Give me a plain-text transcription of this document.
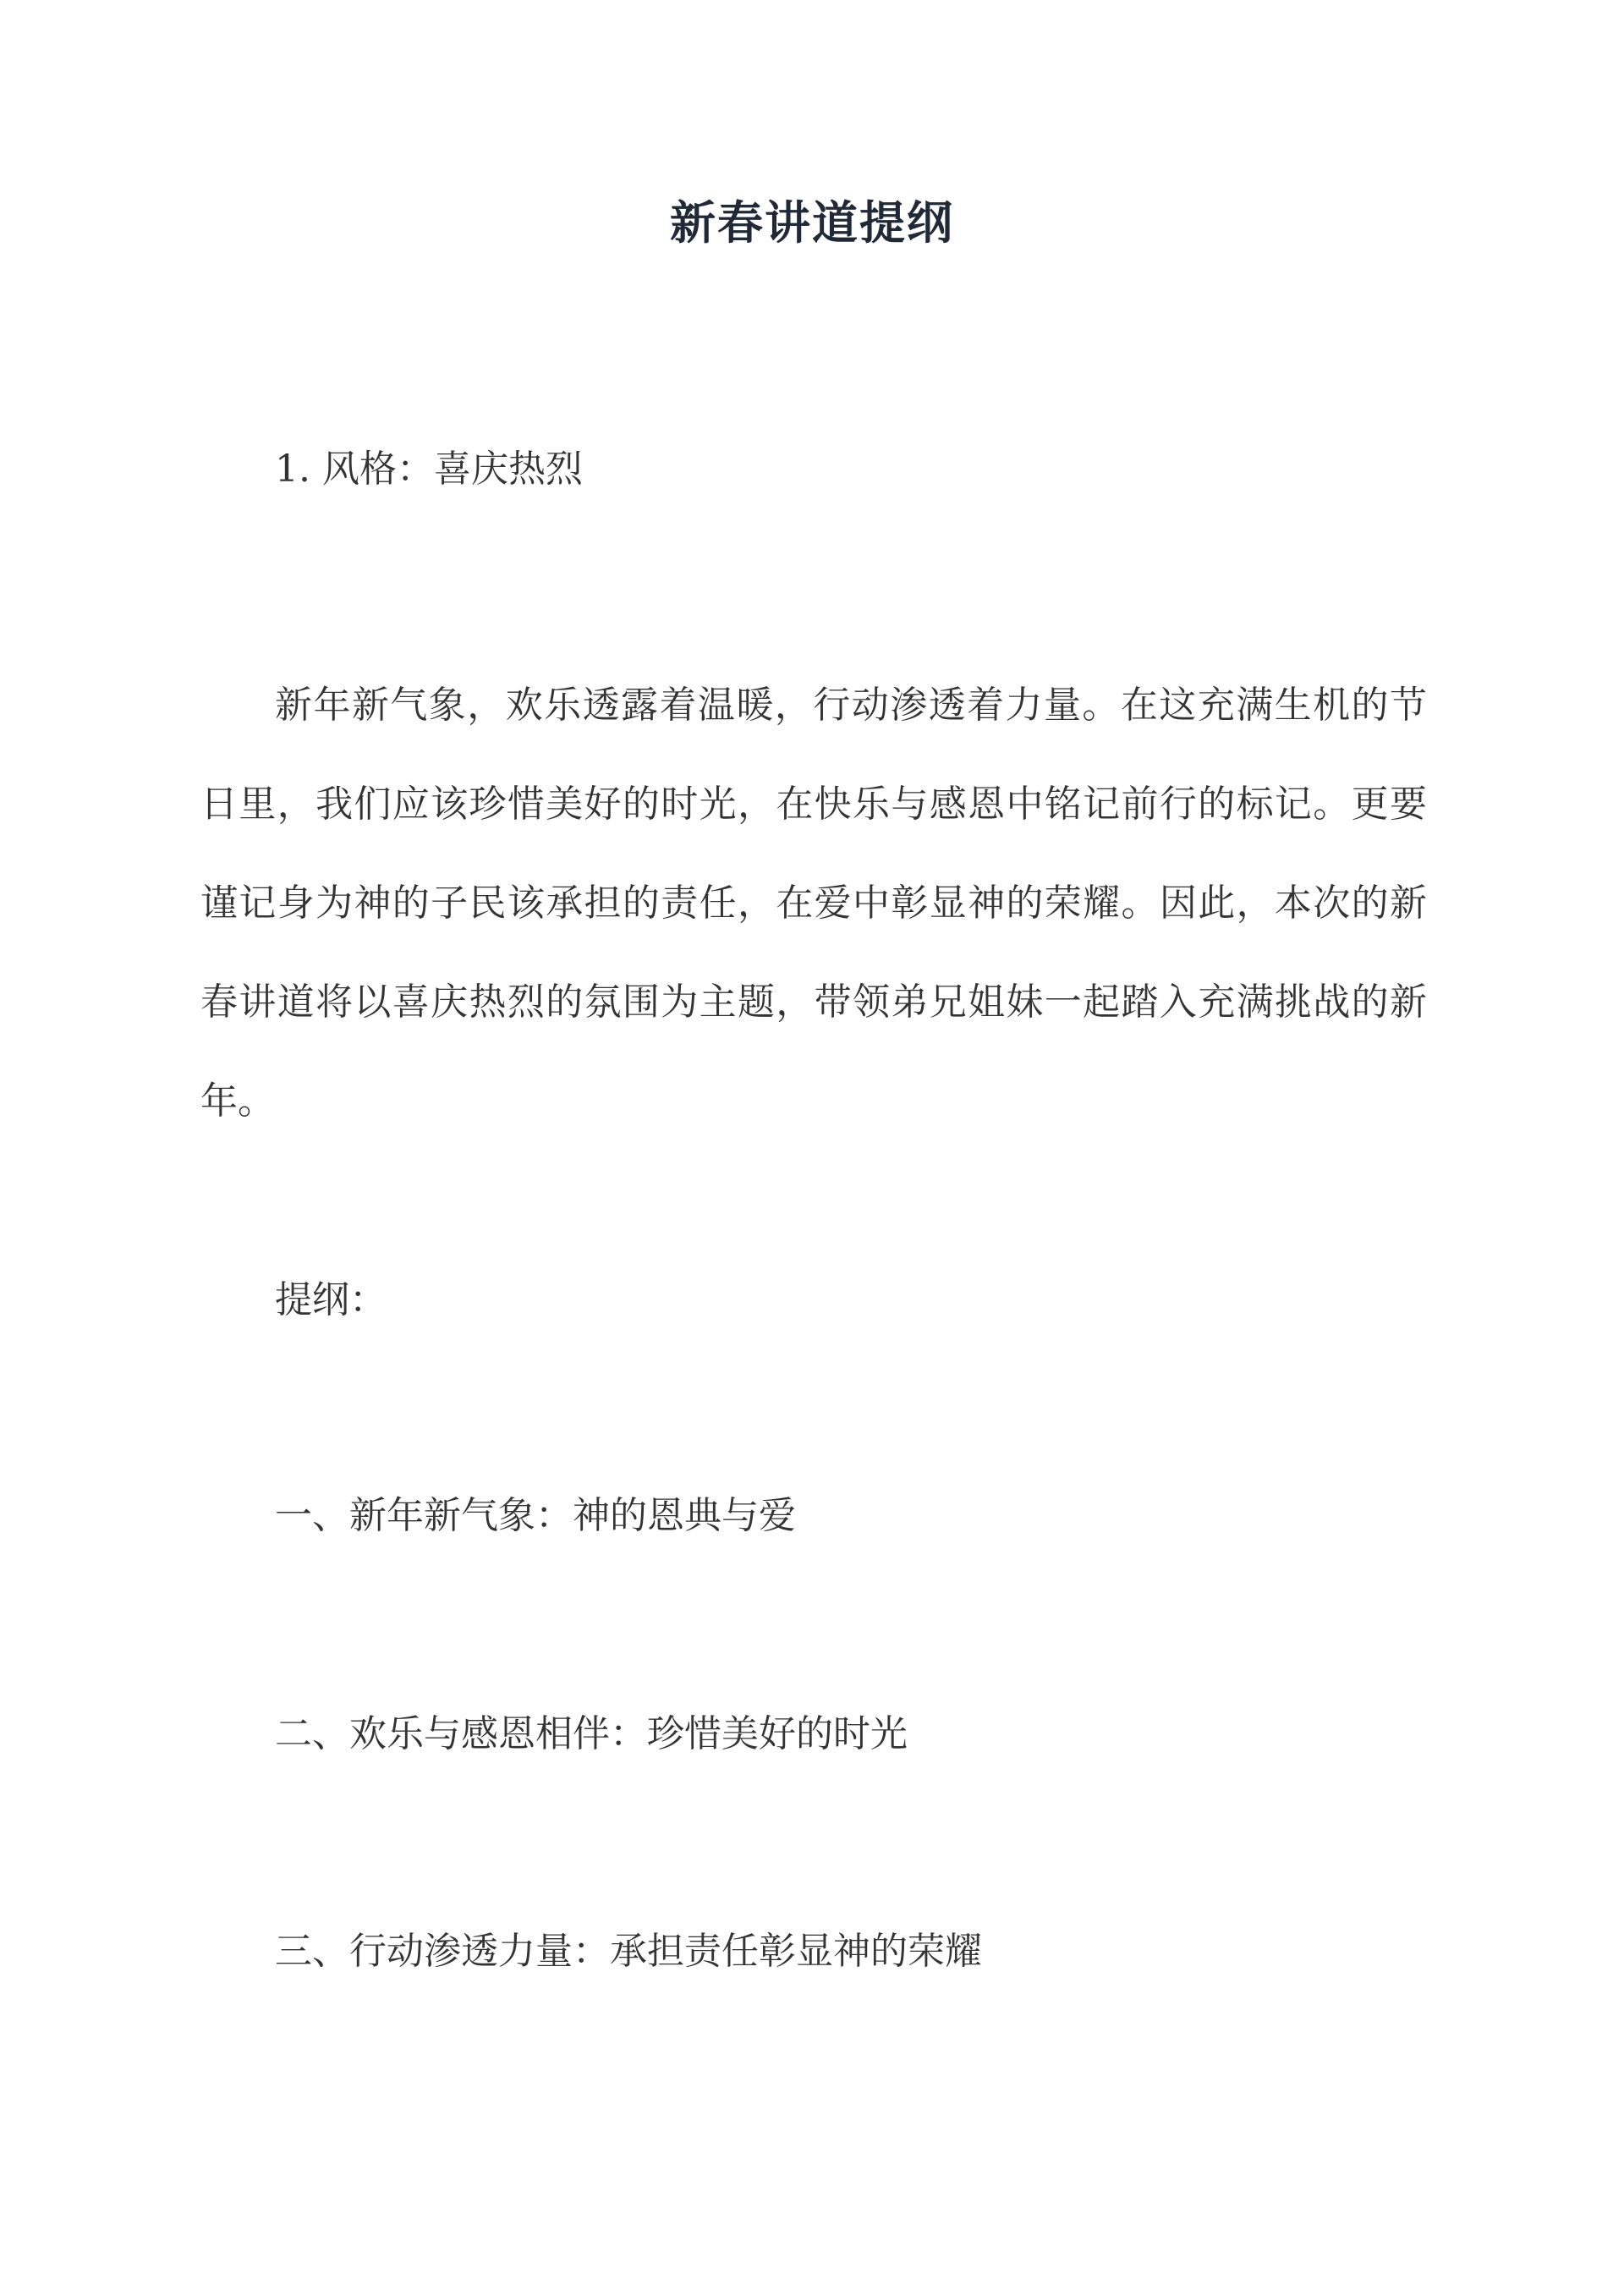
新春讲道提纲
1. 风格：喜庆热烈

新年新气象，欢乐透露着温暖，行动渗透着力量。在这充满生机的节日里，我们应该珍惜美好的时光，在快乐与感恩中铭记前行的标记。更要谨记身为神的子民该承担的责任，在爱中彰显神的荣耀。因此，本次的新春讲道将以喜庆热烈的氛围为主题，带领弟兄姐妹一起踏入充满挑战的新年。

提纲：
一、新年新气象：神的恩典与爱
二、欢乐与感恩相伴：珍惜美好的时光
三、行动渗透力量：承担责任彰显神的荣耀
